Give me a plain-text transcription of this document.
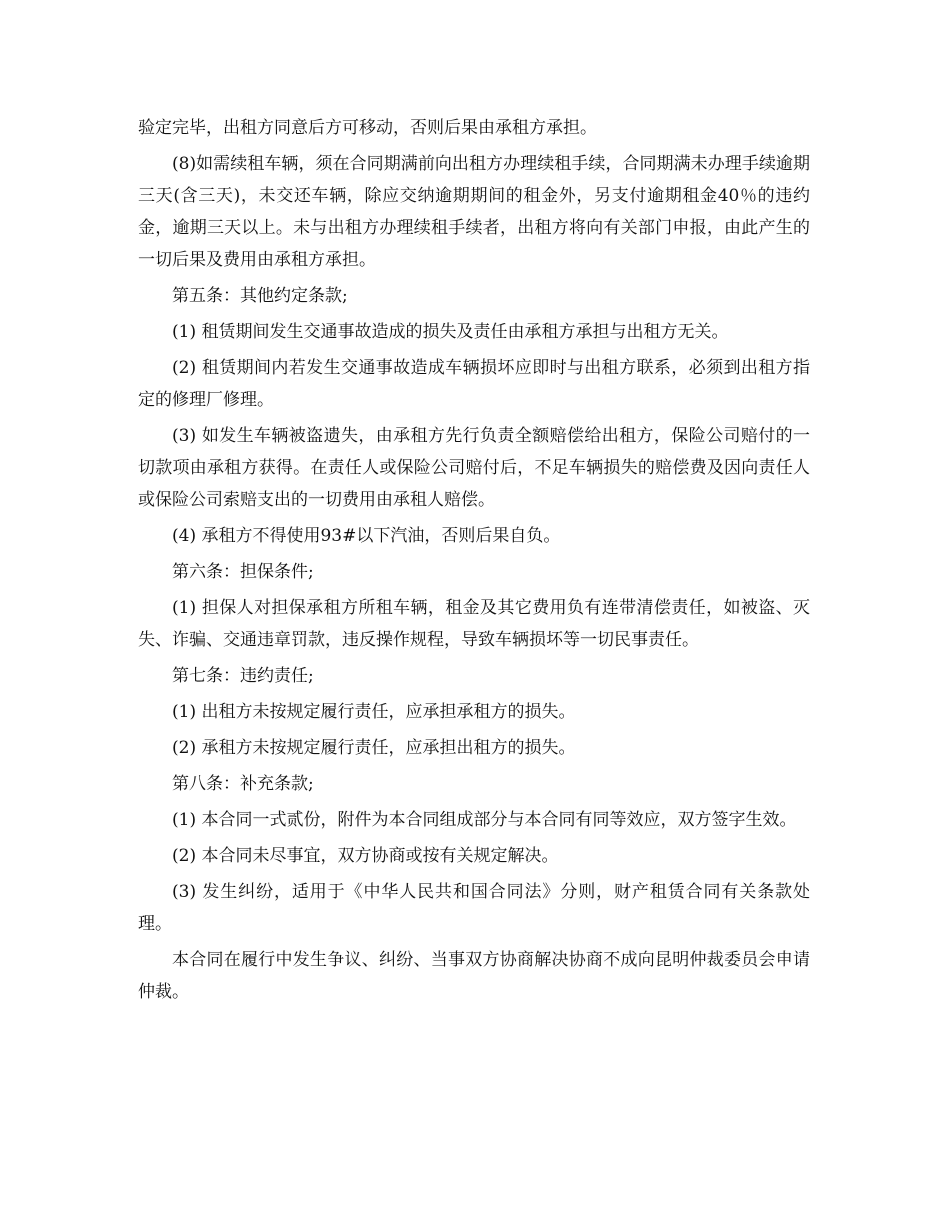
验定完毕，出租方同意后方可移动，否则后果由承租方承担。

(8)如需续租车辆，须在合同期满前向出租方办理续租手续，合同期满未办理手续逾期三天(含三天)，未交还车辆，除应交纳逾期期间的租金外，另支付逾期租金40％的违约金，逾期三天以上。未与出租方办理续租手续者，出租方将向有关部门申报，由此产生的一切后果及费用由承租方承担。

第五条：其他约定条款;

(1) 租赁期间发生交通事故造成的损失及责任由承租方承担与出租方无关。

(2) 租赁期间内若发生交通事故造成车辆损坏应即时与出租方联系，必须到出租方指定的修理厂修理。

(3) 如发生车辆被盗遗失，由承租方先行负责全额赔偿给出租方，保险公司赔付的一切款项由承租方获得。在责任人或保险公司赔付后，不足车辆损失的赔偿费及因向责任人或保险公司索赔支出的一切费用由承租人赔偿。

(4) 承租方不得使用93#以下汽油，否则后果自负。

第六条：担保条件;

(1) 担保人对担保承租方所租车辆，租金及其它费用负有连带清偿责任，如被盗、灭失、诈骗、交通违章罚款，违反操作规程，导致车辆损坏等一切民事责任。

第七条：违约责任;

(1) 出租方未按规定履行责任，应承担承租方的损失。

(2) 承租方未按规定履行责任，应承担出租方的损失。

第八条：补充条款;

(1) 本合同一式贰份，附件为本合同组成部分与本合同有同等效应，双方签字生效。

(2) 本合同未尽事宜，双方协商或按有关规定解决。

(3) 发生纠纷，适用于《中华人民共和国合同法》分则，财产租赁合同有关条款处理。

本合同在履行中发生争议、纠纷、当事双方协商解决协商不成向昆明仲裁委员会申请仲裁。
